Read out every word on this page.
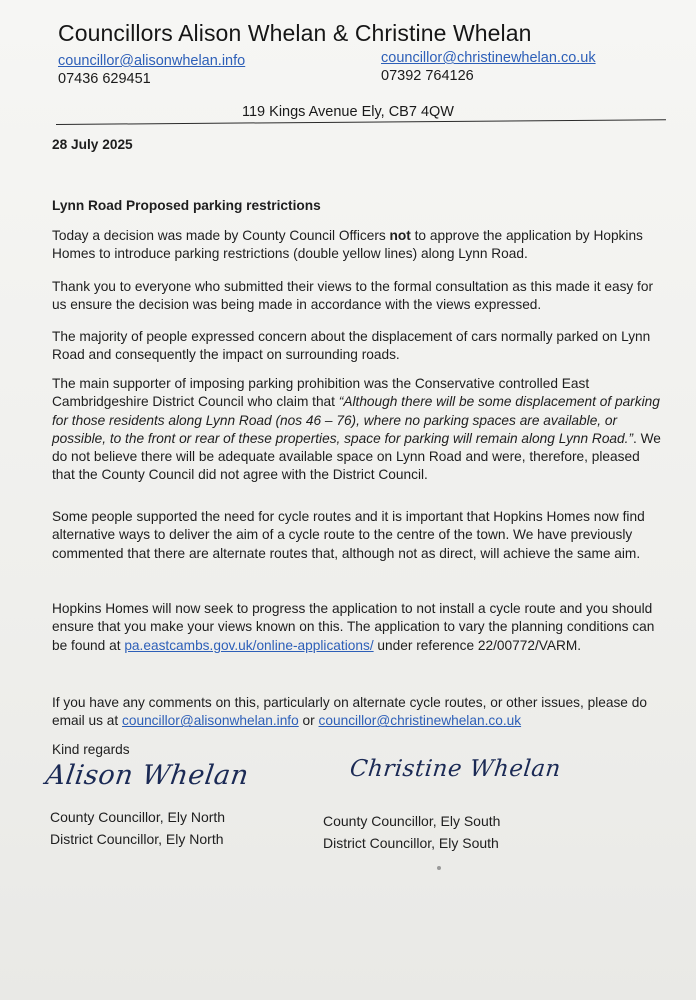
Councillors Alison Whelan & Christine Whelan
councillor@alisonwhelan.info
07436 629451
councillor@christinewhelan.co.uk
07392 764126
119 Kings Avenue Ely, CB7 4QW
28 July 2025
Lynn Road Proposed parking restrictions
Today a decision was made by County Council Officers not to approve the application by Hopkins Homes to introduce parking restrictions (double yellow lines) along Lynn Road.
Thank you to everyone who submitted their views to the formal consultation as this made it easy for us ensure the decision was being made in accordance with the views expressed.
The majority of people expressed concern about the displacement of cars normally parked on Lynn Road and consequently the impact on surrounding roads.
The main supporter of imposing parking prohibition was the Conservative controlled East Cambridgeshire District Council who claim that “Although there will be some displacement of parking for those residents along Lynn Road (nos 46 – 76), where no parking spaces are available, or possible, to the front or rear of these properties, space for parking will remain along Lynn Road.”. We do not believe there will be adequate available space on Lynn Road and were, therefore, pleased that the County Council did not agree with the District Council.
Some people supported the need for cycle routes and it is important that Hopkins Homes now find alternative ways to deliver the aim of a cycle route to the centre of the town. We have previously commented that there are alternate routes that, although not as direct, will achieve the same aim.
Hopkins Homes will now seek to progress the application to not install a cycle route and you should ensure that you make your views known on this. The application to vary the planning conditions can be found at pa.eastcambs.gov.uk/online-applications/ under reference 22/00772/VARM.
If you have any comments on this, particularly on alternate cycle routes, or other issues, please do email us at councillor@alisonwhelan.info or councillor@christinewhelan.co.uk
Kind regards
Alison Whelan	Christine Whelan
County Councillor, Ely North
District Councillor, Ely North
County Councillor, Ely South
District Councillor, Ely South
